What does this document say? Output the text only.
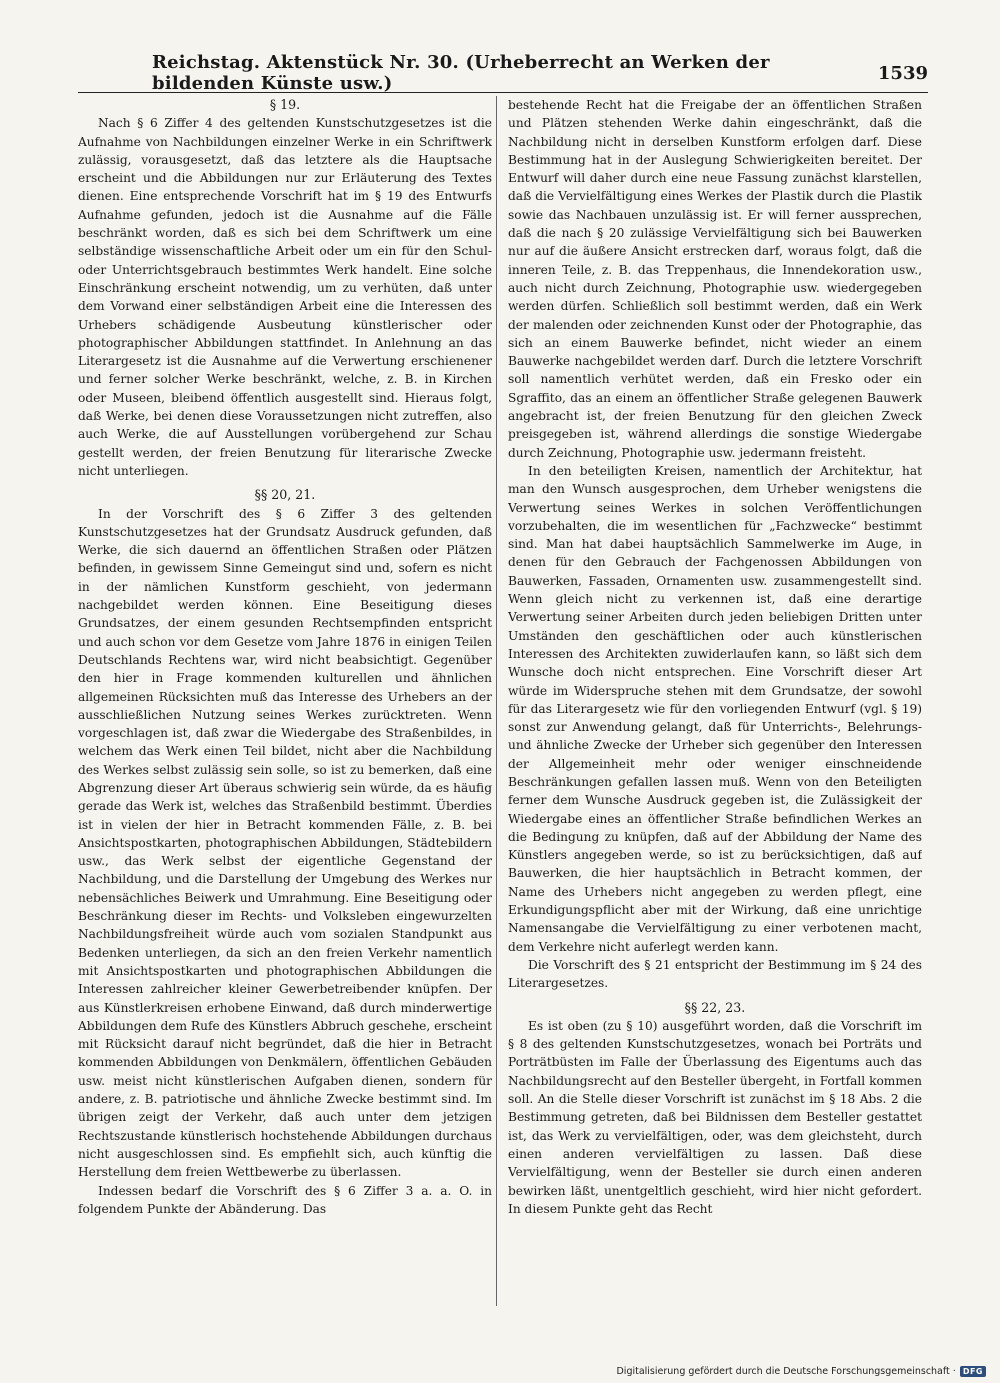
Reichstag. Aktenstück Nr. 30. (Urheberrecht an Werken der bildenden Künste usw.)	1539
§ 19.

Nach § 6 Ziffer 4 des geltenden Kunstschutzgesetzes ist die Aufnahme von Nachbildungen einzelner Werke in ein Schriftwerk zulässig, vorausgesetzt, daß das letztere als die Hauptsache erscheint und die Abbildungen nur zur Erläuterung des Textes dienen. Eine entsprechende Vorschrift hat im § 19 des Entwurfs Aufnahme gefunden, jedoch ist die Ausnahme auf die Fälle beschränkt worden, daß es sich bei dem Schriftwerk um eine selbständige wissenschaftliche Arbeit oder um ein für den Schul- oder Unterrichtsgebrauch bestimmtes Werk handelt. Eine solche Einschränkung erscheint notwendig, um zu verhüten, daß unter dem Vorwand einer selbständigen Arbeit eine die Interessen des Urhebers schädigende Ausbeutung künstlerischer oder photographischer Abbildungen stattfindet. In Anlehnung an das Literargesetz ist die Ausnahme auf die Verwertung erschienener und ferner solcher Werke beschränkt, welche, z. B. in Kirchen oder Museen, bleibend öffentlich ausgestellt sind. Hieraus folgt, daß Werke, bei denen diese Voraussetzungen nicht zutreffen, also auch Werke, die auf Ausstellungen vorübergehend zur Schau gestellt werden, der freien Benutzung für literarische Zwecke nicht unterliegen.

§§ 20, 21.

In der Vorschrift des § 6 Ziffer 3 des geltenden Kunstschutzgesetzes hat der Grundsatz Ausdruck gefunden, daß Werke, die sich dauernd an öffentlichen Straßen oder Plätzen befinden, in gewissem Sinne Gemeingut sind und, sofern es nicht in der nämlichen Kunstform geschieht, von jedermann nachgebildet werden können. Eine Beseitigung dieses Grundsatzes, der einem gesunden Rechtsempfinden entspricht und auch schon vor dem Gesetze vom Jahre 1876 in einigen Teilen Deutschlands Rechtens war, wird nicht beabsichtigt. Gegenüber den hier in Frage kommenden kulturellen und ähnlichen allgemeinen Rücksichten muß das Interesse des Urhebers an der ausschließlichen Nutzung seines Werkes zurücktreten. Wenn vorgeschlagen ist, daß zwar die Wiedergabe des Straßenbildes, in welchem das Werk einen Teil bildet, nicht aber die Nachbildung des Werkes selbst zulässig sein solle, so ist zu bemerken, daß eine Abgrenzung dieser Art überaus schwierig sein würde, da es häufig gerade das Werk ist, welches das Straßenbild bestimmt. Überdies ist in vielen der hier in Betracht kommenden Fälle, z. B. bei Ansichtspostkarten, photographischen Abbildungen, Städtebildern usw., das Werk selbst der eigentliche Gegenstand der Nachbildung, und die Darstellung der Umgebung des Werkes nur nebensächliches Beiwerk und Umrahmung. Eine Beseitigung oder Beschränkung dieser im Rechts- und Volksleben eingewurzelten Nachbildungsfreiheit würde auch vom sozialen Standpunkt aus Bedenken unterliegen, da sich an den freien Verkehr namentlich mit Ansichtspostkarten und photographischen Abbildungen die Interessen zahlreicher kleiner Gewerbetreibender knüpfen. Der aus Künstlerkreisen erhobene Einwand, daß durch minderwertige Abbildungen dem Rufe des Künstlers Abbruch geschehe, erscheint mit Rücksicht darauf nicht begründet, daß die hier in Betracht kommenden Abbildungen von Denkmälern, öffentlichen Gebäuden usw. meist nicht künstlerischen Aufgaben dienen, sondern für andere, z. B. patriotische und ähnliche Zwecke bestimmt sind. Im übrigen zeigt der Verkehr, daß auch unter dem jetzigen Rechtszustande künstlerisch hochstehende Abbildungen durchaus nicht ausgeschlossen sind. Es empfiehlt sich, auch künftig die Herstellung dem freien Wettbewerbe zu überlassen.

Indessen bedarf die Vorschrift des § 6 Ziffer 3 a. a. O. in folgendem Punkte der Abänderung. Das

bestehende Recht hat die Freigabe der an öffentlichen Straßen und Plätzen stehenden Werke dahin eingeschränkt, daß die Nachbildung nicht in derselben Kunstform erfolgen darf. Diese Bestimmung hat in der Auslegung Schwierigkeiten bereitet. Der Entwurf will daher durch eine neue Fassung zunächst klarstellen, daß die Vervielfältigung eines Werkes der Plastik durch die Plastik sowie das Nachbauen unzulässig ist. Er will ferner aussprechen, daß die nach § 20 zulässige Vervielfältigung sich bei Bauwerken nur auf die äußere Ansicht erstrecken darf, woraus folgt, daß die inneren Teile, z. B. das Treppenhaus, die Innendekoration usw., auch nicht durch Zeichnung, Photographie usw. wiedergegeben werden dürfen. Schließlich soll bestimmt werden, daß ein Werk der malenden oder zeichnenden Kunst oder der Photographie, das sich an einem Bauwerke befindet, nicht wieder an einem Bauwerke nachgebildet werden darf. Durch die letztere Vorschrift soll namentlich verhütet werden, daß ein Fresko oder ein Sgraffito, das an einem an öffentlicher Straße gelegenen Bauwerk angebracht ist, der freien Benutzung für den gleichen Zweck preisgegeben ist, während allerdings die sonstige Wiedergabe durch Zeichnung, Photographie usw. jedermann freisteht.

In den beteiligten Kreisen, namentlich der Architektur, hat man den Wunsch ausgesprochen, dem Urheber wenigstens die Verwertung seines Werkes in solchen Veröffentlichungen vorzubehalten, die im wesentlichen für „Fachzwecke“ bestimmt sind. Man hat dabei hauptsächlich Sammelwerke im Auge, in denen für den Gebrauch der Fachgenossen Abbildungen von Bauwerken, Fassaden, Ornamenten usw. zusammengestellt sind. Wenn gleich nicht zu verkennen ist, daß eine derartige Verwertung seiner Arbeiten durch jeden beliebigen Dritten unter Umständen den geschäftlichen oder auch künstlerischen Interessen des Architekten zuwiderlaufen kann, so läßt sich dem Wunsche doch nicht entsprechen. Eine Vorschrift dieser Art würde im Widerspruche stehen mit dem Grundsatze, der sowohl für das Literargesetz wie für den vorliegenden Entwurf (vgl. § 19) sonst zur Anwendung gelangt, daß für Unterrichts-, Belehrungs- und ähnliche Zwecke der Urheber sich gegenüber den Interessen der Allgemeinheit mehr oder weniger einschneidende Beschränkungen gefallen lassen muß. Wenn von den Beteiligten ferner dem Wunsche Ausdruck gegeben ist, die Zulässigkeit der Wiedergabe eines an öffentlicher Straße befindlichen Werkes an die Bedingung zu knüpfen, daß auf der Abbildung der Name des Künstlers angegeben werde, so ist zu berücksichtigen, daß auf Bauwerken, die hier hauptsächlich in Betracht kommen, der Name des Urhebers nicht angegeben zu werden pflegt, eine Erkundigungspflicht aber mit der Wirkung, daß eine unrichtige Namensangabe die Vervielfältigung zu einer verbotenen macht, dem Verkehre nicht auferlegt werden kann.

Die Vorschrift des § 21 entspricht der Bestimmung im § 24 des Literargesetzes.

§§ 22, 23.

Es ist oben (zu § 10) ausgeführt worden, daß die Vorschrift im § 8 des geltenden Kunstschutzgesetzes, wonach bei Porträts und Porträtbüsten im Falle der Überlassung des Eigentums auch das Nachbildungsrecht auf den Besteller übergeht, in Fortfall kommen soll. An die Stelle dieser Vorschrift ist zunächst im § 18 Abs. 2 die Bestimmung getreten, daß bei Bildnissen dem Besteller gestattet ist, das Werk zu vervielfältigen, oder, was dem gleichsteht, durch einen anderen vervielfältigen zu lassen. Daß diese Vervielfältigung, wenn der Besteller sie durch einen anderen bewirken läßt, unentgeltlich geschieht, wird hier nicht gefordert. In diesem Punkte geht das Recht

Digitalisierung gefördert durch die Deutsche Forschungsgemeinschaft · DFG
